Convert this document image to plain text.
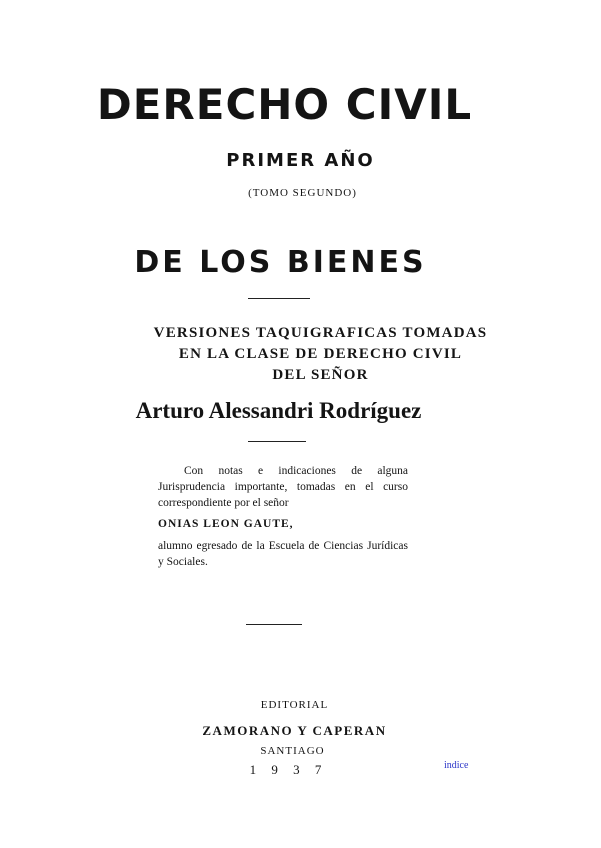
DERECHO CIVIL
PRIMER AÑO
(TOMO SEGUNDO)
DE LOS BIENES
VERSIONES TAQUIGRAFICAS TOMADAS
EN LA CLASE DE DERECHO CIVIL
DEL SEÑOR
Arturo Alessandri Rodríguez
Con notas e indicaciones de alguna Jurisprudencia importante, tomadas en el curso correspondiente por el señor
ONIAS LEON GAUTE,
alumno egresado de la Escuela de Ciencias Jurídicas y Sociales.
EDITORIAL
ZAMORANO Y CAPERAN
SANTIAGO
1 9 3 7	indice
